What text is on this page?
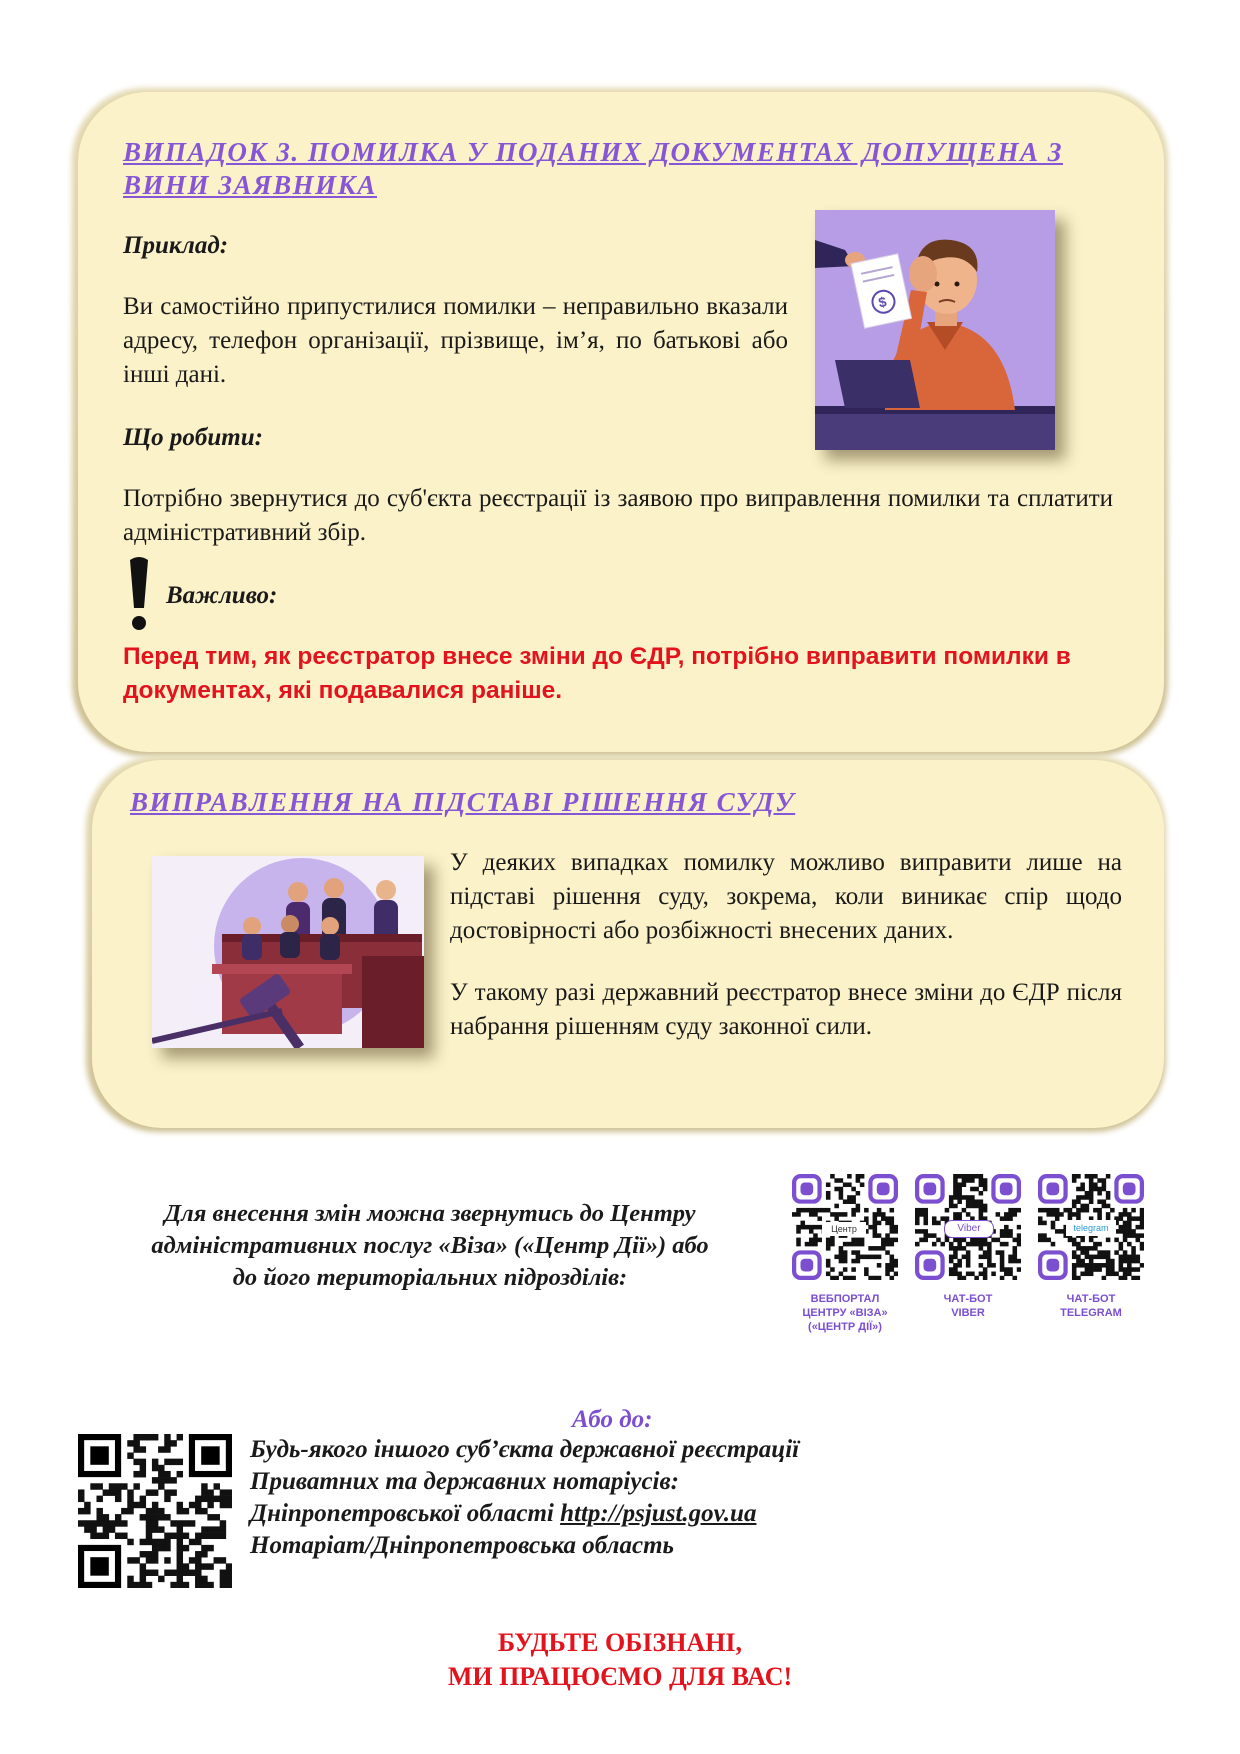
ВИПАДОК 3. ПОМИЛКА У ПОДАНИХ ДОКУМЕНТАХ ДОПУЩЕНА З
ВИНИ ЗАЯВНИКА
Приклад:
Ви самостійно припустилися помилки – неправильно вказали адресу, телефон організації, прізвище, ім’я, по батькові або інші дані.
$
Що робити:
Потрібно звернутися до суб'єкта реєстрації із заявою про виправлення помилки та сплатити адміністративний збір.
Важливо:
Перед тим, як реєстратор внесе зміни до ЄДР, потрібно виправити помилки в документах, які подавалися раніше.
ВИПРАВЛЕННЯ НА ПІДСТАВІ РІШЕННЯ СУДУ
У деяких випадках помилку можливо виправити лише на підставі рішення суду, зокрема, коли виникає спір щодо достовірності або розбіжності внесених даних.
У такому разі державний реєстратор внесе зміни до ЄДР після набрання рішенням суду законної сили.
Для внесення змін можна звернутись до Центру
адміністративних послуг «Віза» («Центр Дії») або
до його територіальних підрозділів:
Центр	Viber	telegram
ВЕБПОРТАЛ
ЦЕНТРУ «ВІЗА»
(«ЦЕНТР ДІЇ»)
ЧАТ-БОТ
VIBER
ЧАТ-БОТ
TELEGRAM
Або до:
Будь-якого іншого суб’єкта державної реєстрації
Приватних та державних нотаріусів:
Дніпропетровської області http://psjust.gov.ua
Нотаріат/Дніпропетровська область
БУДЬТЕ ОБІЗНАНІ,
МИ ПРАЦЮЄМО ДЛЯ ВАС!
